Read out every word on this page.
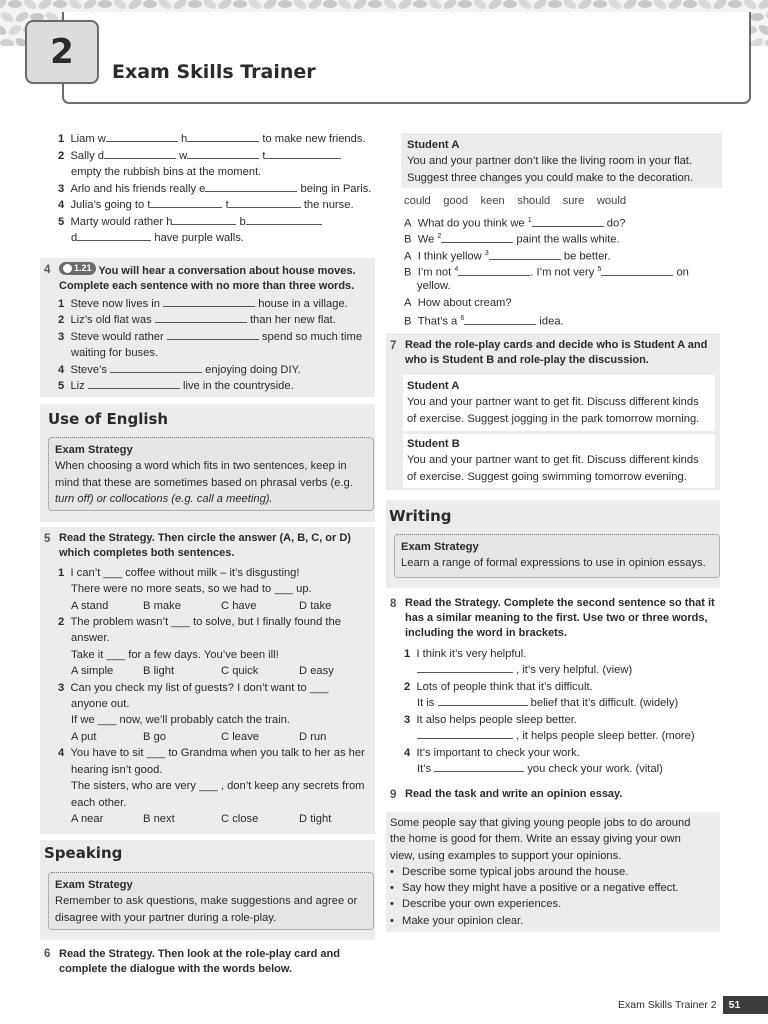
2
Exam Skills Trainer
1 Liam w	h	to make new friends.
2 Sally d	w	t
empty the rubbish bins at the moment.
3 Arlo and his friends really e	being in Paris.
4 Julia’s going to t	t	the nurse.
5 Marty would rather h	b
d	have purple walls.
4	1.21 You will hear a conversation about house moves.
Complete each sentence with no more than three words.
1 Steve now lives in	house in a village.
2 Liz’s old flat was	than her new flat.
3 Steve would rather	spend so much time
waiting for buses.
4 Steve’s	enjoying doing DIY.
5 Liz	live in the countryside.
Use of English
Exam Strategy
When choosing a word which fits in two sentences, keep in
mind that these are sometimes based on phrasal verbs (e.g.
turn off) or collocations (e.g. call a meeting).
5 Read the Strategy. Then circle the answer (A, B, C, or D)
which completes both sentences.
1 I can’t ___ coffee without milk – it’s disgusting!
There were no more seats, so we had to ___ up.
A stand	B make	C have	D take
2 The problem wasn’t ___ to solve, but I finally found the
answer.
Take it ___ for a few days. You’ve been ill!
A simple	B light	C quick	D easy
3 Can you check my list of guests? I don’t want to ___
anyone out.
If we ___ now, we’ll probably catch the train.
A put	B go	C leave	D run
4 You have to sit ___ to Grandma when you talk to her as her
hearing isn’t good.
The sisters, who are very ___ , don’t keep any secrets from
each other.
A near	B next	C close	D tight
Speaking
Exam Strategy
Remember to ask questions, make suggestions and agree or
disagree with your partner during a role-play.
6 Read the Strategy. Then look at the role-play card and
complete the dialogue with the words below.
Student A
You and your partner don’t like the living room in your flat.
Suggest three changes you could make to the decoration.
could good keen should sure would
A What do you think we $^1$	do?
B We $^2$	paint the walls white.
A I think yellow $^3$	be better.
B I’m not $^4$	. I’m not very $^5$	on
yellow.
A How about cream?
B That’s a $^6$	idea.
7 Read the role-play cards and decide who is Student A and
who is Student B and role-play the discussion.
Student A
You and your partner want to get fit. Discuss different kinds
of exercise. Suggest jogging in the park tomorrow morning.
Student B
You and your partner want to get fit. Discuss different kinds
of exercise. Suggest going swimming tomorrow evening.
Writing
Exam Strategy
Learn a range of formal expressions to use in opinion essays.
8 Read the Strategy. Complete the second sentence so that it
has a similar meaning to the first. Use two or three words,
including the word in brackets.
1 I think it’s very helpful.
, it’s very helpful. (view)
2 Lots of people think that it’s difficult.
It is	belief that it’s difficult. (widely)
3 It also helps people sleep better.
, it helps people sleep better. (more)
4 It’s important to check your work.
It’s	you check your work. (vital)
9 Read the task and write an opinion essay.
Some people say that giving young people jobs to do around
the home is good for them. Write an essay giving your own
view, using examples to support your opinions.
• Describe some typical jobs around the house.
• Say how they might have a positive or a negative effect.
• Describe your own experiences.
• Make your opinion clear.
Exam Skills Trainer 2	51
